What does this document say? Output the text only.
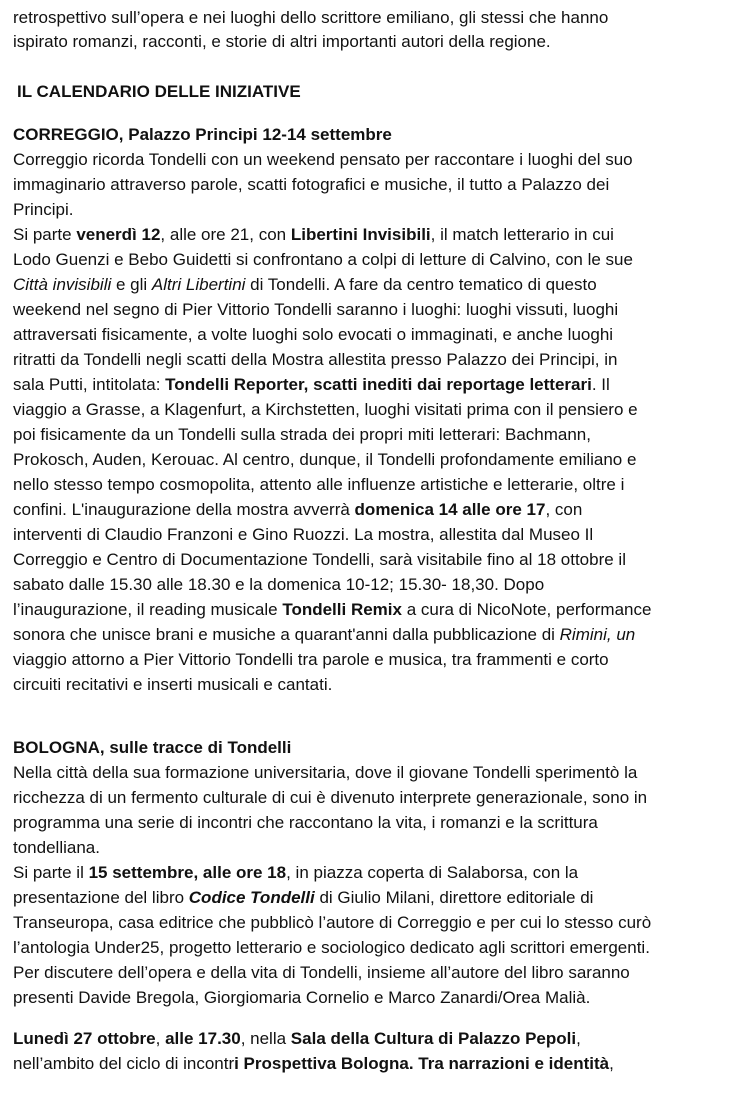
retrospettivo sull’opera e nei luoghi dello scrittore emiliano, gli stessi che hanno
ispirato romanzi, racconti, e storie di altri importanti autori della regione.
IL CALENDARIO DELLE INIZIATIVE
CORREGGIO, Palazzo Principi 12-14 settembre
Correggio ricorda Tondelli con un weekend pensato per raccontare i luoghi del suo
immaginario attraverso parole, scatti fotografici e musiche, il tutto a Palazzo dei
Principi.
Si parte venerdì 12, alle ore 21, con Libertini Invisibili, il match letterario in cui
Lodo Guenzi e Bebo Guidetti si confrontano a colpi di letture di Calvino, con le sue
Città invisibili e gli Altri Libertini di Tondelli. A fare da centro tematico di questo
weekend nel segno di Pier Vittorio Tondelli saranno i luoghi: luoghi vissuti, luoghi
attraversati fisicamente, a volte luoghi solo evocati o immaginati, e anche luoghi
ritratti da Tondelli negli scatti della Mostra allestita presso Palazzo dei Principi, in
sala Putti, intitolata: Tondelli Reporter, scatti inediti dai reportage letterari. Il
viaggio a Grasse, a Klagenfurt, a Kirchstetten, luoghi visitati prima con il pensiero e
poi fisicamente da un Tondelli sulla strada dei propri miti letterari: Bachmann,
Prokosch, Auden, Kerouac. Al centro, dunque, il Tondelli profondamente emiliano e
nello stesso tempo cosmopolita, attento alle influenze artistiche e letterarie, oltre i
confini. L'inaugurazione della mostra avverrà domenica 14 alle ore 17, con
interventi di Claudio Franzoni e Gino Ruozzi. La mostra, allestita dal Museo Il
Correggio e Centro di Documentazione Tondelli, sarà visitabile fino al 18 ottobre il
sabato dalle 15.30 alle 18.30 e la domenica 10-12; 15.30- 18,30. Dopo
l’inaugurazione, il reading musicale Tondelli Remix a cura di NicoNote, performance
sonora che unisce brani e musiche a quarant'anni dalla pubblicazione di Rimini, un
viaggio attorno a Pier Vittorio Tondelli tra parole e musica, tra frammenti e corto
circuiti recitativi e inserti musicali e cantati.
BOLOGNA, sulle tracce di Tondelli
Nella città della sua formazione universitaria, dove il giovane Tondelli sperimentò la
ricchezza di un fermento culturale di cui è divenuto interprete generazionale, sono in
programma una serie di incontri che raccontano la vita, i romanzi e la scrittura
tondelliana.
Si parte il 15 settembre, alle ore 18, in piazza coperta di Salaborsa, con la
presentazione del libro Codice Tondelli di Giulio Milani, direttore editoriale di
Transeuropa, casa editrice che pubblicò l’autore di Correggio e per cui lo stesso curò
l’antologia Under25, progetto letterario e sociologico dedicato agli scrittori emergenti.
Per discutere dell’opera e della vita di Tondelli, insieme all’autore del libro saranno
presenti Davide Bregola, Giorgiomaria Cornelio e Marco Zanardi/Orea Malià.
Lunedì 27 ottobre, alle 17.30, nella Sala della Cultura di Palazzo Pepoli,
nell’ambito del ciclo di incontri Prospettiva Bologna. Tra narrazioni e identità,
